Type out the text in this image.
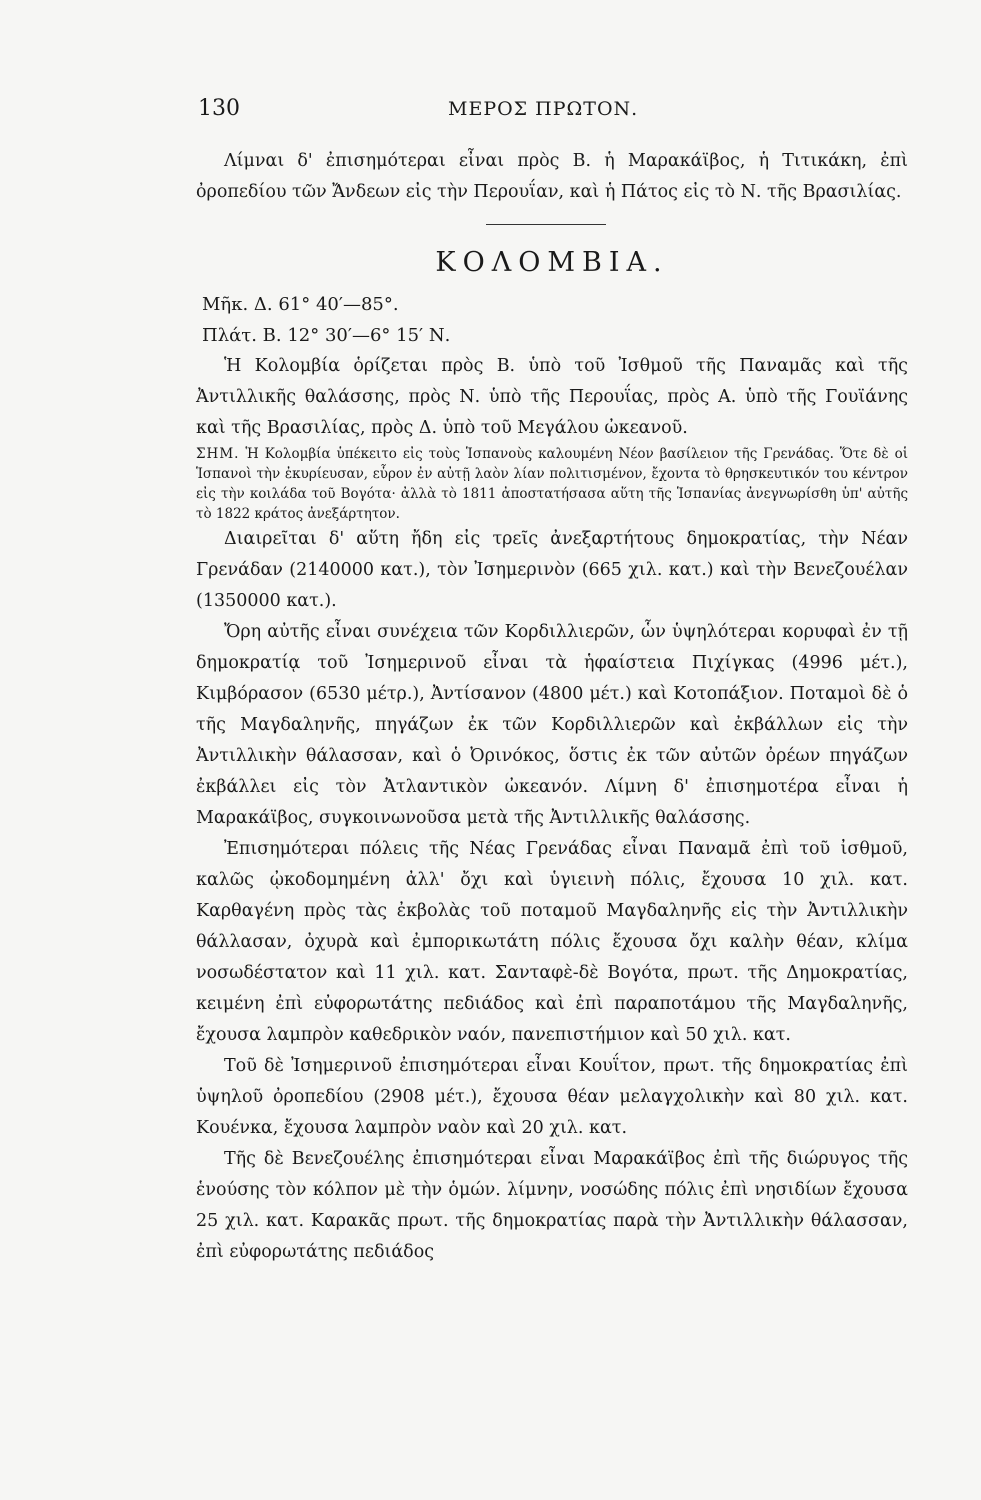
130	ΜΕΡΟΣ ΠΡΩΤΟΝ.

Λίμναι δ' ἐπισημότεραι εἶναι πρὸς Β. ἡ Μαρακάϊβος, ἡ Τιτικάκη, ἐπὶ ὀροπεδίου τῶν Ἄνδεων εἰς τὴν Περουΐαν, καὶ ἡ Πάτος εἰς τὸ Ν. τῆς Βρασιλίας.

ΚΟΛΟΜΒΙΑ.
Μῆκ. Δ. 61° 40′—85°.
Πλάτ. Β. 12° 30′—6° 15′ Ν.

Ἡ Κολομβία ὁρίζεται πρὸς Β. ὑπὸ τοῦ Ἰσθμοῦ τῆς Παναμᾶς καὶ τῆς Ἀντιλλικῆς θαλάσσης, πρὸς Ν. ὑπὸ τῆς Περουΐας, πρὸς Α. ὑπὸ τῆς Γουϊάνης καὶ τῆς Βρασιλίας, πρὸς Δ. ὑπὸ τοῦ Μεγάλου ὠκεανοῦ.

ΣΗΜ. Ἡ Κολομβία ὑπέκειτο εἰς τοὺς Ἱσπανοὺς καλουμένη Νέον βασίλειον τῆς Γρενάδας. Ὅτε δὲ οἱ Ἱσπανοὶ τὴν ἐκυρίευσαν, εὗρον ἐν αὐτῇ λαὸν λίαν πολιτισμένον, ἔχοντα τὸ θρησκευτικόν του κέντρον εἰς τὴν κοιλάδα τοῦ Βογότα· ἀλλὰ τὸ 1811 ἀποστατήσασα αὕτη τῆς Ἱσπανίας ἀνεγνωρίσθη ὑπ' αὐτῆς τὸ 1822 κράτος ἀνεξάρτητον.

Διαιρεῖται δ' αὕτη ἤδη εἰς τρεῖς ἀνεξαρτήτους δημοκρατίας, τὴν Νέαν Γρενάδαν (2140000 κατ.), τὸν Ἰσημερινὸν (665 χιλ. κατ.) καὶ τὴν Βενεζουέλαν (1350000 κατ.).

Ὄρη αὐτῆς εἶναι συνέχεια τῶν Κορδιλλιερῶν, ὧν ὑψηλότεραι κορυφαὶ ἐν τῇ δημοκρατίᾳ τοῦ Ἰσημερινοῦ εἶναι τὰ ἡφαίστεια Πιχίγκας (4996 μέτ.), Κιμβόρασον (6530 μέτρ.), Ἀντίσανον (4800 μέτ.) καὶ Κοτοπάξιον. Ποταμοὶ δὲ ὁ τῆς Μαγδαληνῆς, πηγάζων ἐκ τῶν Κορδιλλιερῶν καὶ ἐκβάλλων εἰς τὴν Ἀντιλλικὴν θάλασσαν, καὶ ὁ Ὀρινόκος, ὅστις ἐκ τῶν αὐτῶν ὀρέων πηγάζων ἐκβάλλει εἰς τὸν Ἀτλαντικὸν ὠκεανόν. Λίμνη δ' ἐπισημοτέρα εἶναι ἡ Μαρακάϊβος, συγκοινωνοῦσα μετὰ τῆς Ἀντιλλικῆς θαλάσσης.

Ἐπισημότεραι πόλεις τῆς Νέας Γρενάδας εἶναι Παναμᾶ ἐπὶ τοῦ ἰσθμοῦ, καλῶς ᾠκοδομημένη ἀλλ' ὄχι καὶ ὑγιεινὴ πόλις, ἔχουσα 10 χιλ. κατ. Καρθαγένη πρὸς τὰς ἐκβολὰς τοῦ ποταμοῦ Μαγδαληνῆς εἰς τὴν Ἀντιλλικὴν θάλλασαν, ὀχυρὰ καὶ ἐμπορικωτάτη πόλις ἔχουσα ὄχι καλὴν θέαν, κλίμα νοσωδέστατον καὶ 11 χιλ. κατ. Σανταφὲ-δὲ Βογότα, πρωτ. τῆς Δημοκρατίας, κειμένη ἐπὶ εὐφορωτάτης πεδιάδος καὶ ἐπὶ παραποτάμου τῆς Μαγδαληνῆς, ἔχουσα λαμπρὸν καθεδρικὸν ναόν, πανεπιστήμιον καὶ 50 χιλ. κατ.

Τοῦ δὲ Ἰσημερινοῦ ἐπισημότεραι εἶναι Κουΐτον, πρωτ. τῆς δημοκρατίας ἐπὶ ὑψηλοῦ ὀροπεδίου (2908 μέτ.), ἔχουσα θέαν μελαγχολικὴν καὶ 80 χιλ. κατ. Κουένκα, ἔχουσα λαμπρὸν ναὸν καὶ 20 χιλ. κατ.

Τῆς δὲ Βενεζουέλης ἐπισημότεραι εἶναι Μαρακάϊβος ἐπὶ τῆς διώρυγος τῆς ἑνούσης τὸν κόλπον μὲ τὴν ὁμών. λίμνην, νοσώδης πόλις ἐπὶ νησιδίων ἔχουσα 25 χιλ. κατ. Καρακᾶς πρωτ. τῆς δημοκρατίας παρὰ τὴν Ἀντιλλικὴν θάλασσαν, ἐπὶ εὐφορωτάτης πεδιάδος
